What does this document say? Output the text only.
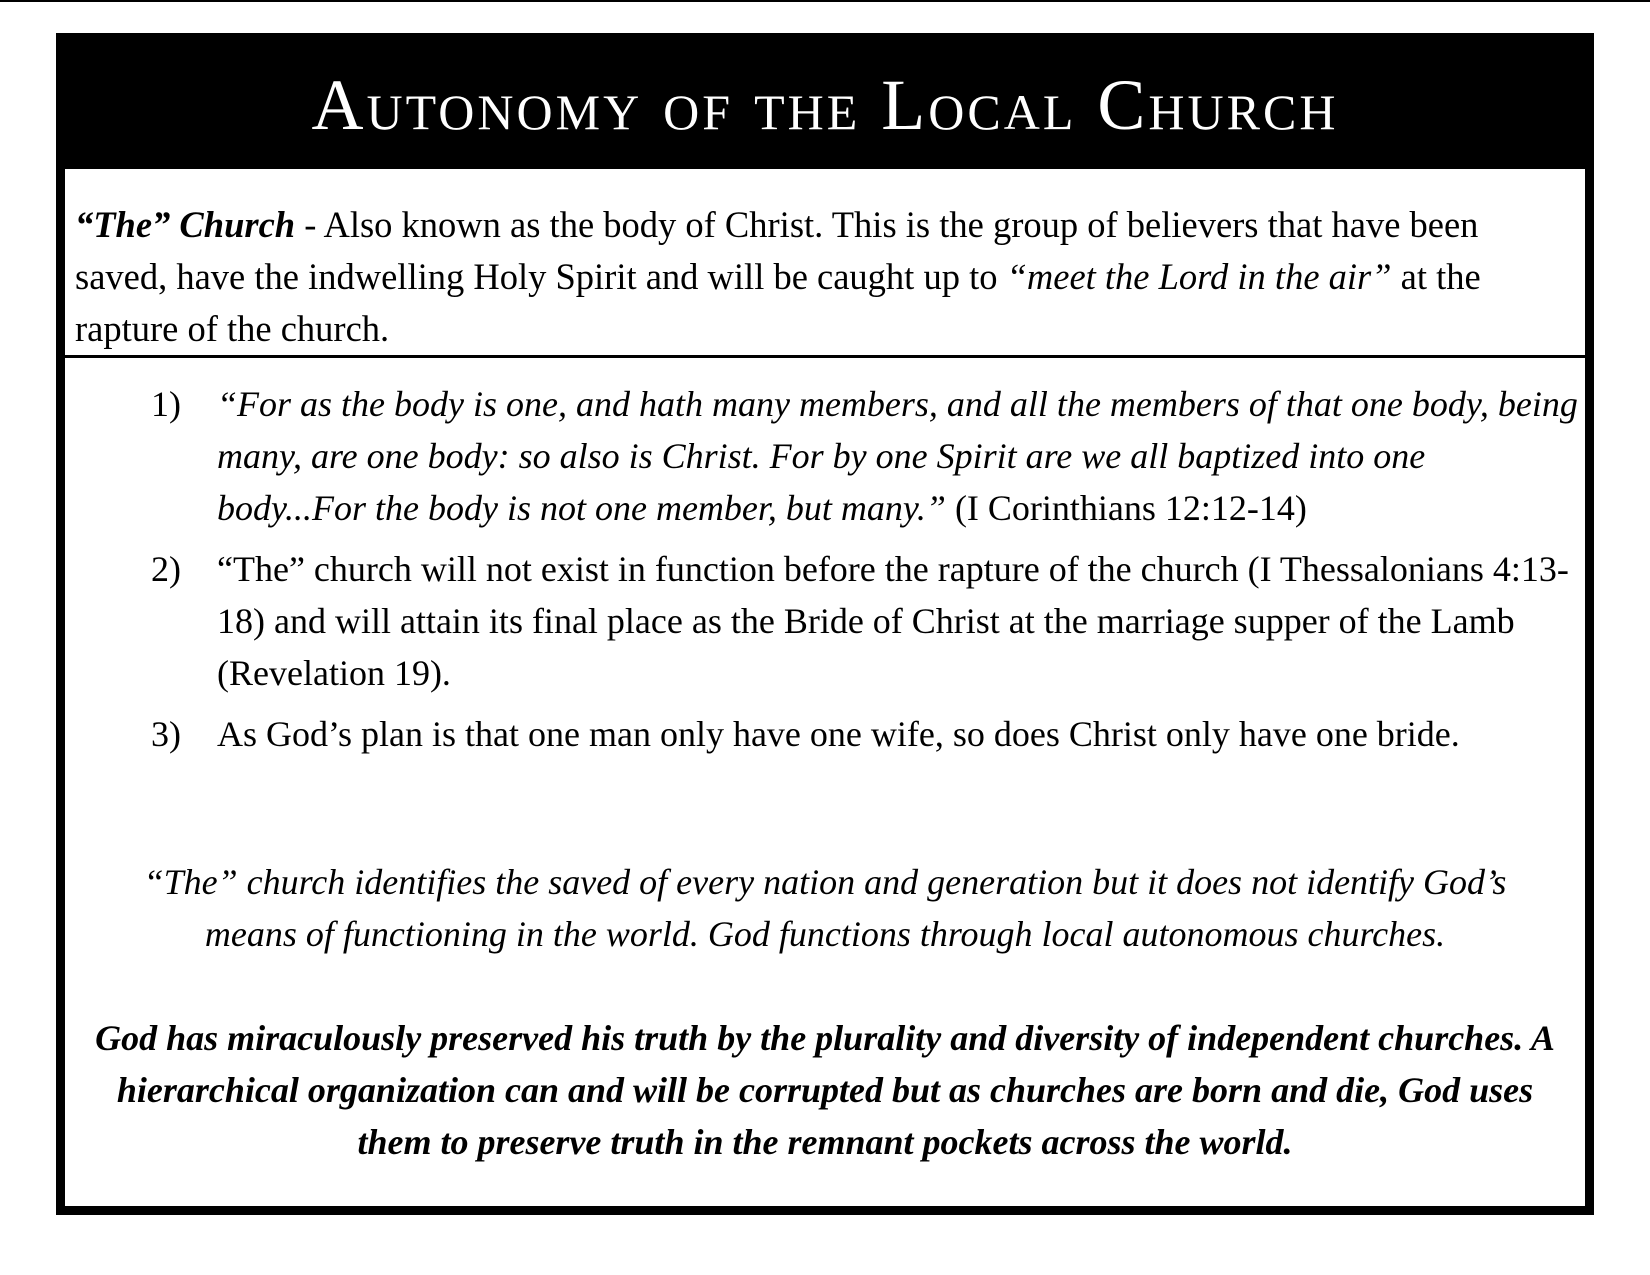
Autonomy of the Local Church
“The” Church - Also known as the body of Christ. This is the group of believers that have been saved, have the indwelling Holy Spirit and will be caught up to “meet the Lord in the air” at the rapture of the church.
1) “For as the body is one, and hath many members, and all the members of that one body, being many, are one body: so also is Christ. For by one Spirit are we all baptized into one body...For the body is not one member, but many.” (I Corinthians 12:12-14)
2) “The” church will not exist in function before the rapture of the church (I Thessalonians 4:13-18) and will attain its final place as the Bride of Christ at the marriage supper of the Lamb (Revelation 19).
3) As God’s plan is that one man only have one wife, so does Christ only have one bride.

“The” church identifies the saved of every nation and generation but it does not identify God’s means of functioning in the world. God functions through local autonomous churches.

God has miraculously preserved his truth by the plurality and diversity of independent churches. A hierarchical organization can and will be corrupted but as churches are born and die, God uses them to preserve truth in the remnant pockets across the world.
